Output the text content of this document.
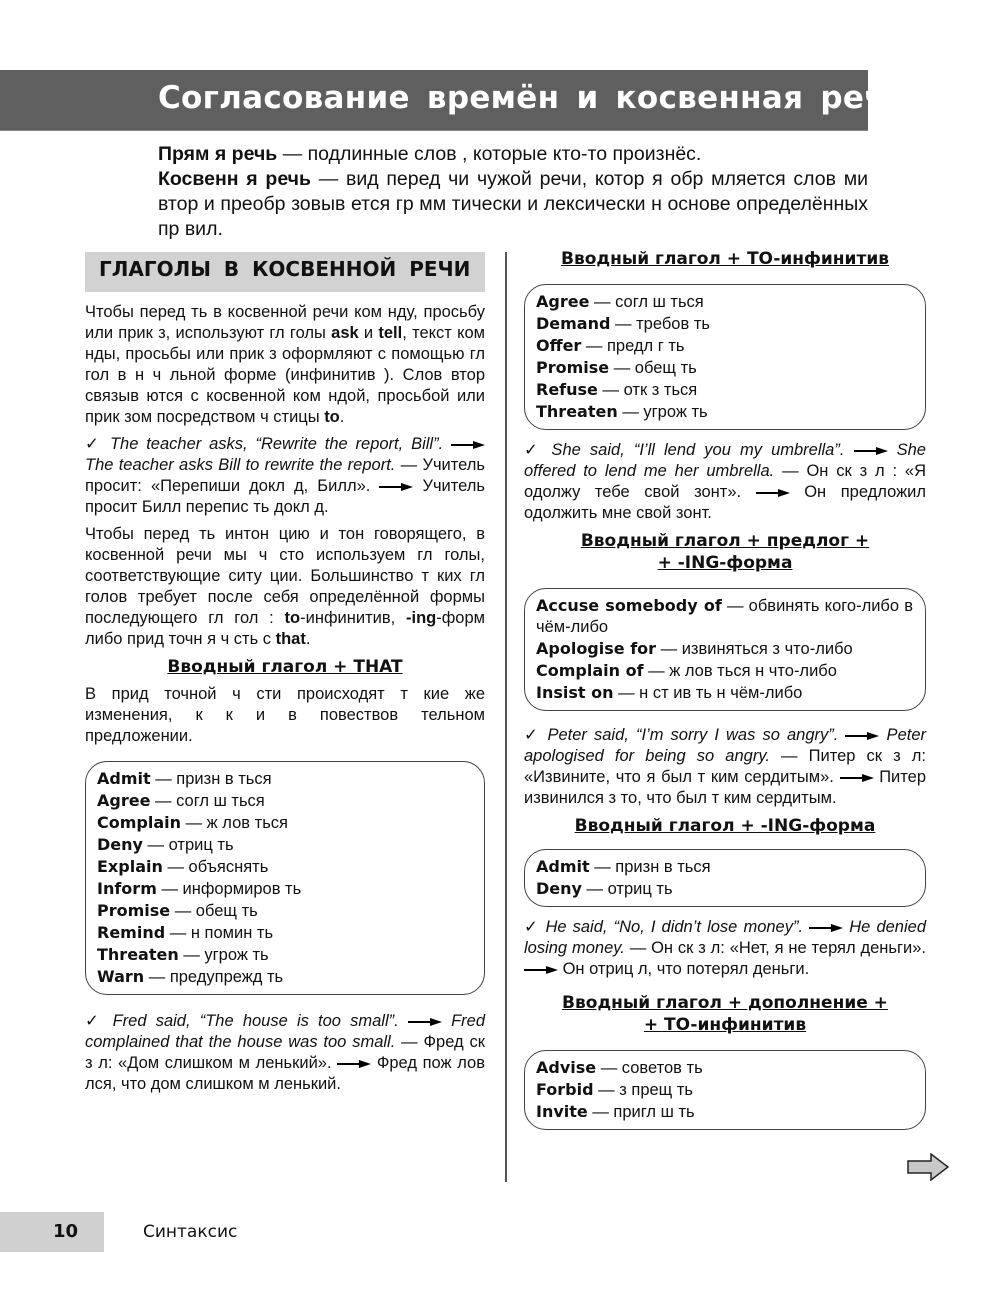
Согласование времён и косвенная речь

Прям я речь — подлинные слов , которые кто-то произнёс.

Косвенн я речь — вид перед чи чужой речи, котор я обр мляется слов ми втор и преобр зовыв ется гр мм тически и лексически н основе определённых пр вил.

ГЛАГОЛЫ В КОСВЕННОЙ РЕЧИ

Чтобы перед ть в косвенной речи ком нду, просьбу или прик з, используют гл голы ask и tell, текст ком нды, просьбы или прик з оформляют с помощью гл гол в н ч льной форме (инфинитив ). Слов втор связыв ются с косвенной ком ндой, просьбой или прик зом посредством ч стицы to.

✓ The teacher asks, “Rewrite the report, Bill”.  The teacher asks Bill to rewrite the report. — Учитель просит: «Перепиши докл д, Билл».  Учитель просит Билл перепис ть докл д.

Чтобы перед ть интон цию и тон говорящего, в косвенной речи мы ч сто используем гл голы, соответствующие ситу ции. Большинство т ких гл голов требует после себя определённой формы последующего гл гол : to-инфинитив, -ing-форм либо прид точн я ч сть с that.

Вводный глагол + THAT

В прид точной ч сти происходят т кие же изменения, к к и в повествов тельном предложении.

Admit — призн в ться
Agree — согл ш ться
Complain — ж лов ться
Deny — отриц ть
Explain — объяснять
Inform — информиров ть
Promise — обещ ть
Remind — н помин ть
Threaten — угрож ть
Warn — предупрежд ть

✓ Fred said, “The house is too small”.  Fred complained that the house was too small. — Фред ск з л: «Дом слишком м ленький».  Фред пож лов лся, что дом слишком м ленький.

Вводный глагол + TO-инфинитив
Agree — согл ш ться
Demand — требов ть
Offer — предл г ть
Promise — обещ ть
Refuse — отк з ться
Threaten — угрож ть

✓ She said, “I’ll lend you my umbrella”.  She offered to lend me her umbrella. — Он ск з л : «Я одолжу тебе свой зонт».  Он предложил одолжить мне свой зонт.

Вводный глагол + предлог +
+ -ING-форма
Accuse somebody of — обвинять кого-либо в чём-либо
Apologise for — извиняться з что-либо
Complain of — ж лов ться н что-либо
Insist on — н ст ив ть н чём-либо

✓ Peter said, “I’m sorry I was so angry”.  Peter apologised for being so angry. — Питер ск з л: «Извините, что я был т ким сердитым».  Питер извинился з то, что был т ким сердитым.

Вводный глагол + -ING-форма
Admit — призн в ться
Deny — отриц ть

✓ He said, “No, I didn’t lose money”.  He denied losing money. — Он ск з л: «Нет, я не терял деньги».  Он отриц л, что потерял деньги.

Вводный глагол + дополнение +
+ TO-инфинитив
Advise — советов ть
Forbid — з прещ ть
Invite — пригл ш ть
10	Синтаксис
